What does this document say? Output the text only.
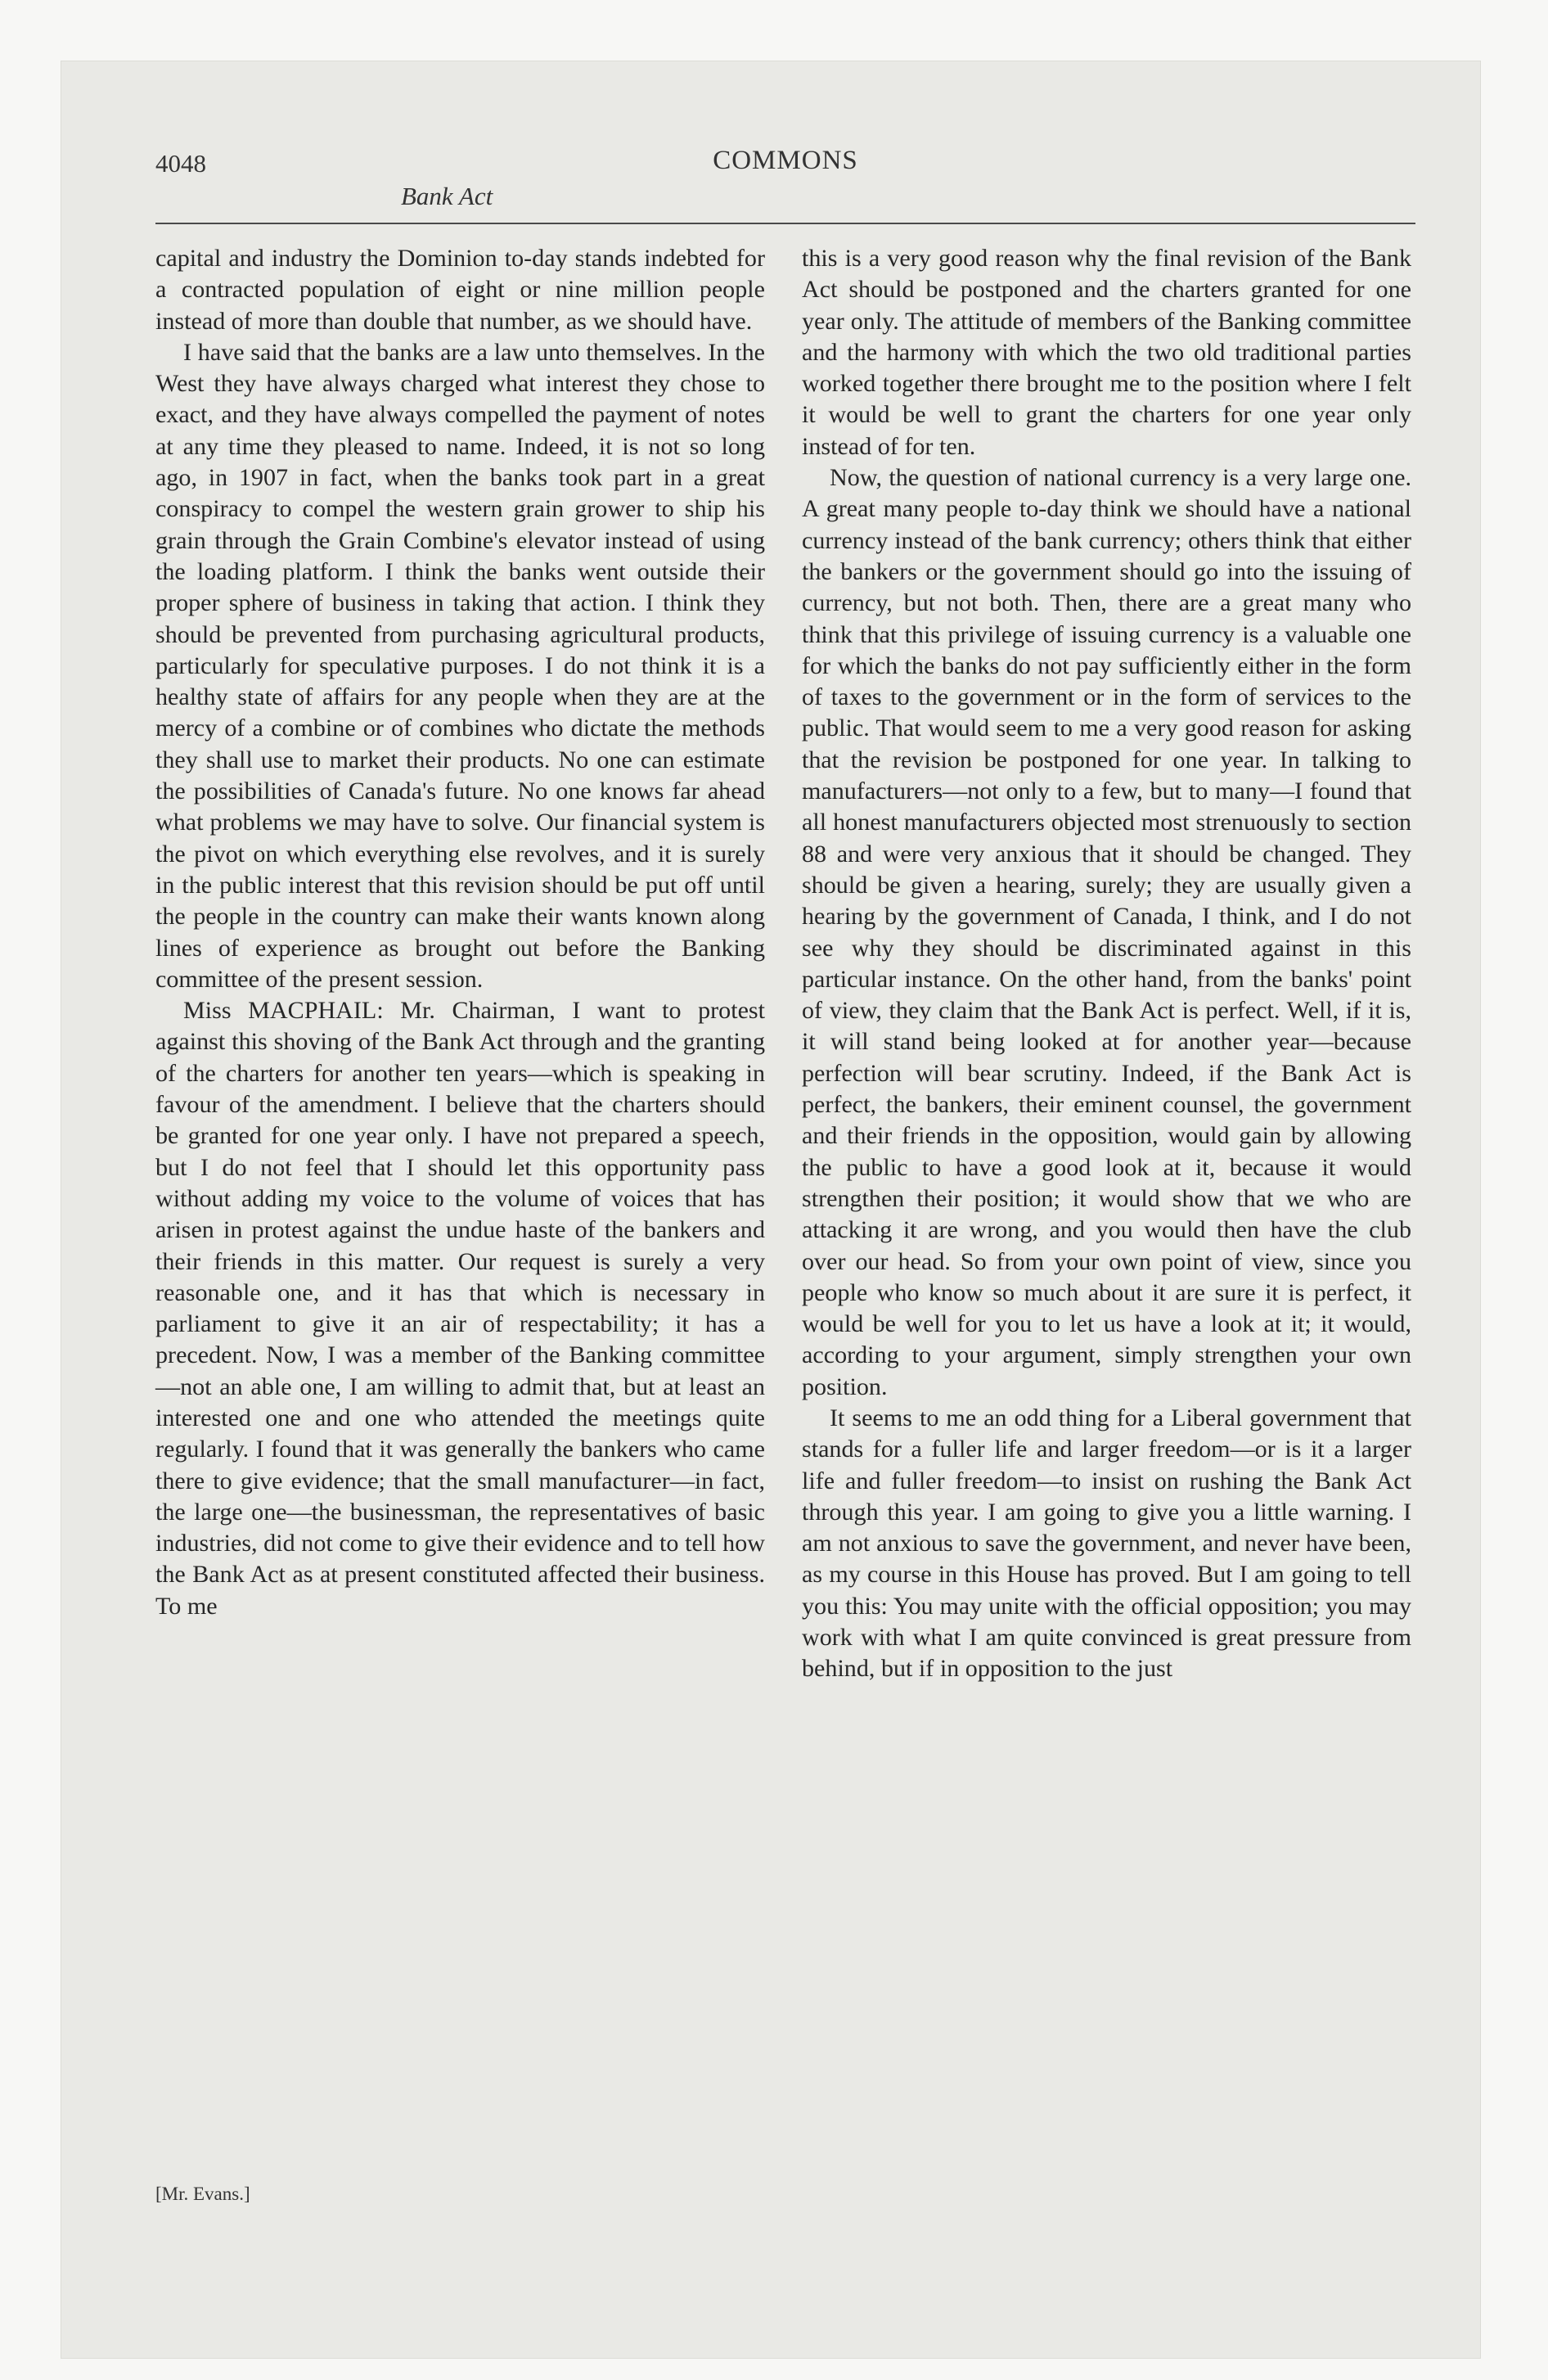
4048	COMMONS
Bank Act

capital and industry the Dominion to-day stands indebted for a contracted population of eight or nine million people instead of more than double that number, as we should have.

I have said that the banks are a law unto themselves. In the West they have always charged what interest they chose to exact, and they have always compelled the payment of notes at any time they pleased to name. Indeed, it is not so long ago, in 1907 in fact, when the banks took part in a great conspiracy to compel the western grain grower to ship his grain through the Grain Combine's elevator instead of using the loading platform. I think the banks went outside their proper sphere of business in taking that action. I think they should be prevented from purchasing agricultural products, particularly for speculative purposes. I do not think it is a healthy state of affairs for any people when they are at the mercy of a combine or of combines who dictate the methods they shall use to market their products. No one can estimate the possibilities of Canada's future. No one knows far ahead what problems we may have to solve. Our financial system is the pivot on which everything else revolves, and it is surely in the public interest that this revision should be put off until the people in the country can make their wants known along lines of experience as brought out before the Banking committee of the present session.

Miss MACPHAIL: Mr. Chairman, I want to protest against this shoving of the Bank Act through and the granting of the charters for another ten years—which is speaking in favour of the amendment. I believe that the charters should be granted for one year only. I have not prepared a speech, but I do not feel that I should let this opportunity pass without adding my voice to the volume of voices that has arisen in protest against the undue haste of the bankers and their friends in this matter. Our request is surely a very reasonable one, and it has that which is necessary in parliament to give it an air of respectability; it has a precedent. Now, I was a member of the Banking committee—not an able one, I am willing to admit that, but at least an interested one and one who attended the meetings quite regularly. I found that it was generally the bankers who came there to give evidence; that the small manufacturer—in fact, the large one—the businessman, the representatives of basic industries, did not come to give their evidence and to tell how the Bank Act as at present constituted affected their business. To me

this is a very good reason why the final revision of the Bank Act should be postponed and the charters granted for one year only. The attitude of members of the Banking committee and the harmony with which the two old traditional parties worked together there brought me to the position where I felt it would be well to grant the charters for one year only instead of for ten.

Now, the question of national currency is a very large one. A great many people to-day think we should have a national currency instead of the bank currency; others think that either the bankers or the government should go into the issuing of currency, but not both. Then, there are a great many who think that this privilege of issuing currency is a valuable one for which the banks do not pay sufficiently either in the form of taxes to the government or in the form of services to the public. That would seem to me a very good reason for asking that the revision be postponed for one year. In talking to manufacturers—not only to a few, but to many—I found that all honest manufacturers objected most strenuously to section 88 and were very anxious that it should be changed. They should be given a hearing, surely; they are usually given a hearing by the government of Canada, I think, and I do not see why they should be discriminated against in this particular instance. On the other hand, from the banks' point of view, they claim that the Bank Act is perfect. Well, if it is, it will stand being looked at for another year—because perfection will bear scrutiny. Indeed, if the Bank Act is perfect, the bankers, their eminent counsel, the government and their friends in the opposition, would gain by allowing the public to have a good look at it, because it would strengthen their position; it would show that we who are attacking it are wrong, and you would then have the club over our head. So from your own point of view, since you people who know so much about it are sure it is perfect, it would be well for you to let us have a look at it; it would, according to your argument, simply strengthen your own position.

It seems to me an odd thing for a Liberal government that stands for a fuller life and larger freedom—or is it a larger life and fuller freedom—to insist on rushing the Bank Act through this year. I am going to give you a little warning. I am not anxious to save the government, and never have been, as my course in this House has proved. But I am going to tell you this: You may unite with the official opposition; you may work with what I am quite convinced is great pressure from behind, but if in opposition to the just

[Mr. Evans.]
